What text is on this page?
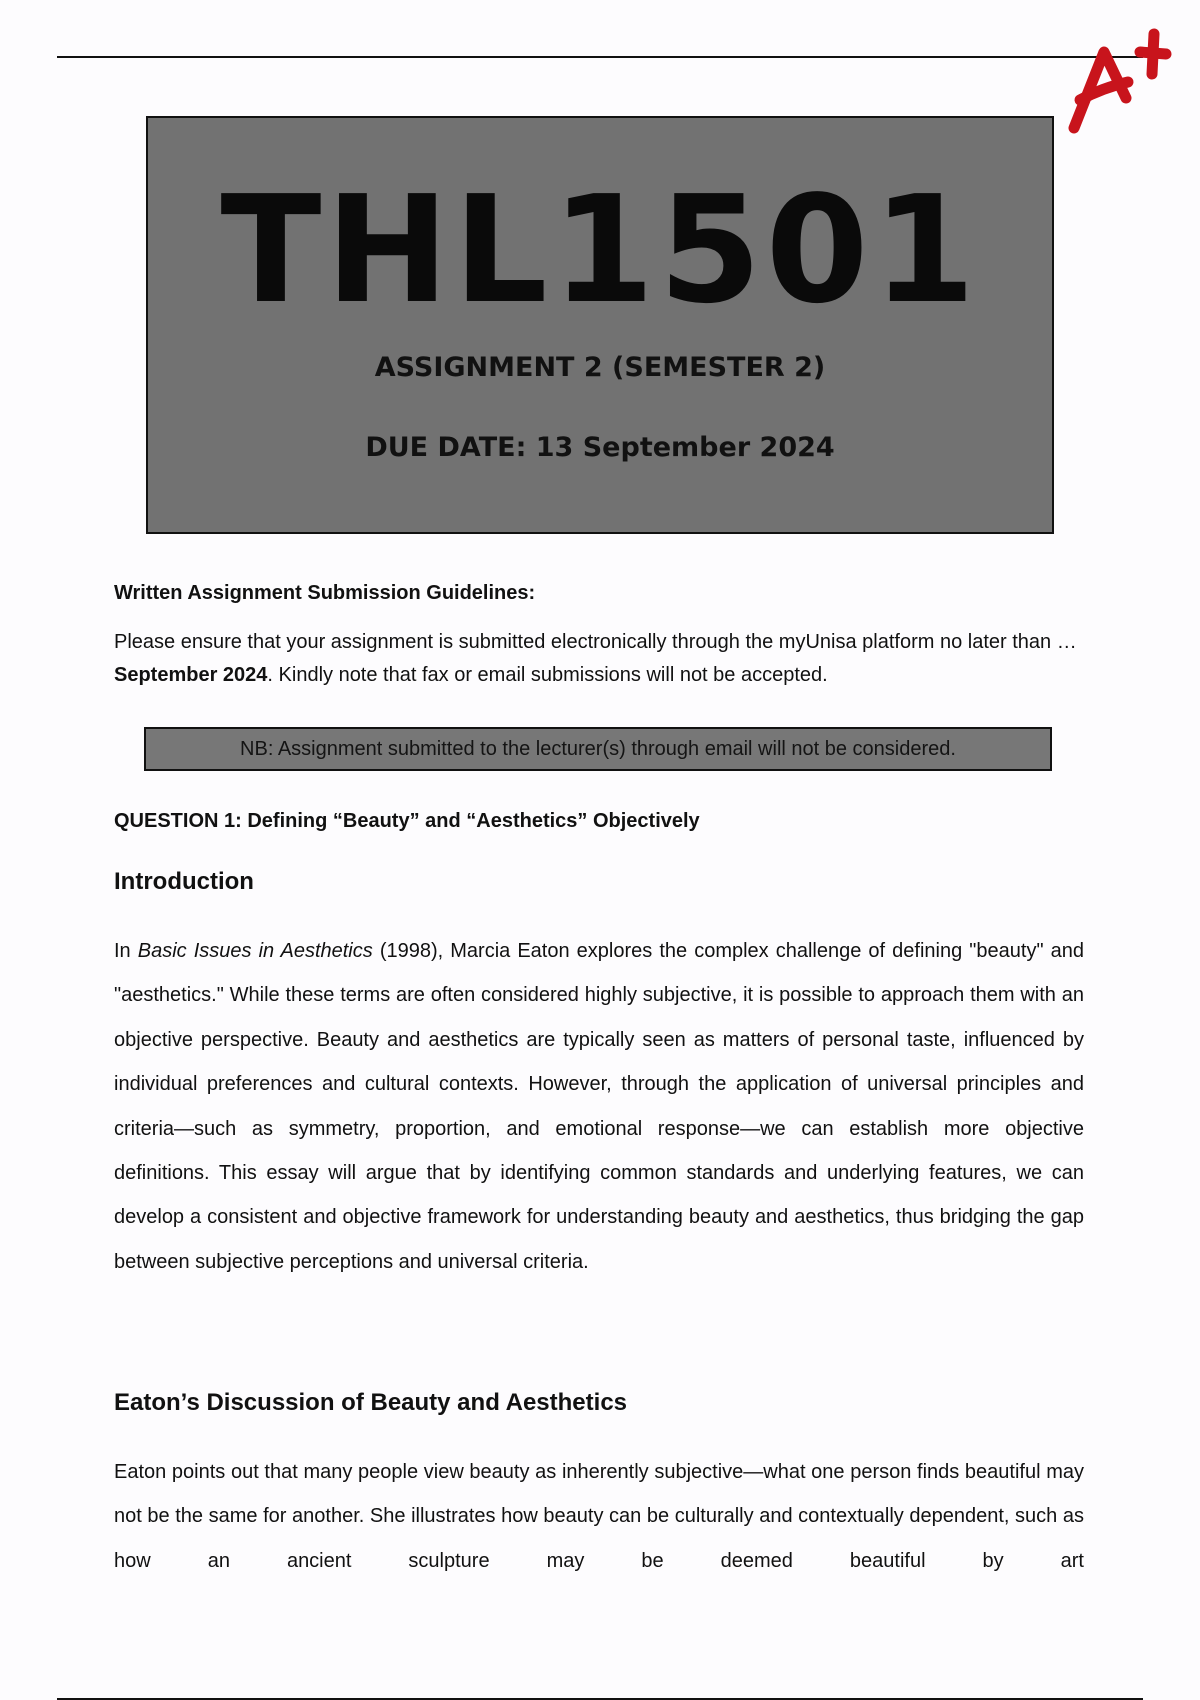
THL1501
ASSIGNMENT 2 (SEMESTER 2)
DUE DATE: 13 September 2024
Written Assignment Submission Guidelines:
Please ensure that your assignment is submitted electronically through the myUnisa platform no later than …September 2024. Kindly note that fax or email submissions will not be accepted.
NB: Assignment submitted to the lecturer(s) through email will not be considered.
QUESTION 1: Defining “Beauty” and “Aesthetics” Objectively
Introduction
In Basic Issues in Aesthetics (1998), Marcia Eaton explores the complex challenge of defining "beauty" and "aesthetics." While these terms are often considered highly subjective, it is possible to approach them with an objective perspective. Beauty and aesthetics are typically seen as matters of personal taste, influenced by individual preferences and cultural contexts. However, through the application of universal principles and criteria—such as symmetry, proportion, and emotional response—we can establish more objective definitions. This essay will argue that by identifying common standards and underlying features, we can develop a consistent and objective framework for understanding beauty and aesthetics, thus bridging the gap between subjective perceptions and universal criteria.
Eaton’s Discussion of Beauty and Aesthetics
Eaton points out that many people view beauty as inherently subjective—what one person finds beautiful may not be the same for another. She illustrates how beauty can be culturally and contextually dependent, such as how an ancient sculpture may be deemed beautiful by art
